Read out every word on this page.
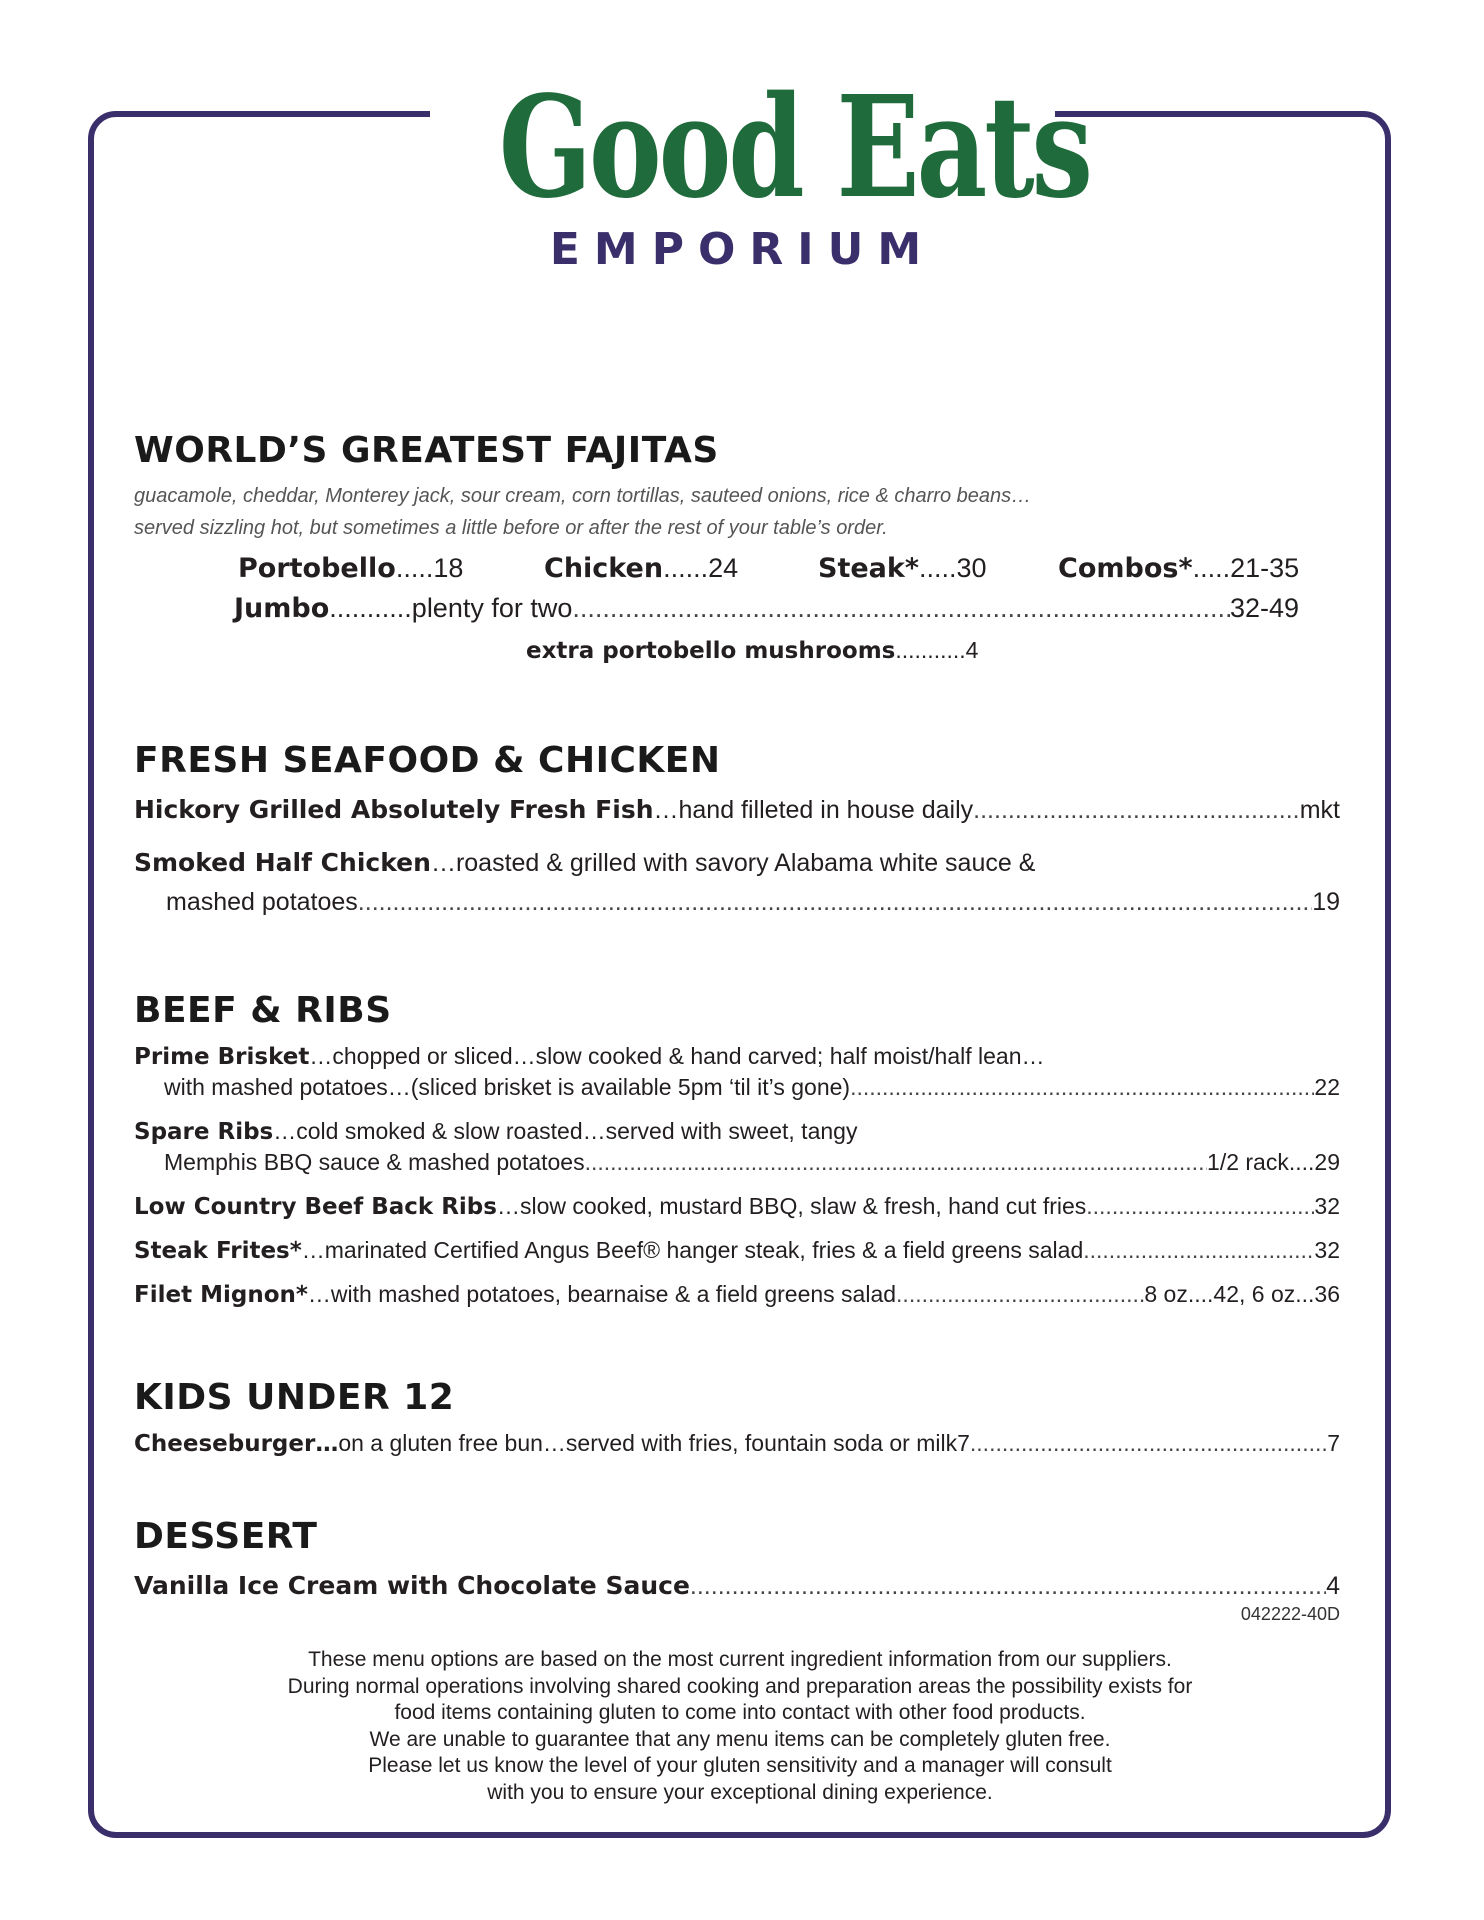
Good Eats
EMPORIUM
WORLD’S GREATEST FAJITAS
guacamole, cheddar, Monterey jack, sour cream, corn tortillas, sauteed onions, rice & charro beans…
served sizzling hot, but sometimes a little before or after the rest of your table’s order.
Portobello.....18	Chicken......24	Steak*.....30	Combos*.....21-35
Jumbo ...........plenty for two .....	32-49
extra portobello mushrooms...........4
FRESH SEAFOOD & CHICKEN
Hickory Grilled Absolutely Fresh Fish …hand filleted in house daily .....	mkt
Smoked Half Chicken…roasted & grilled with savory Alabama white sauce &
mashed potatoes .....	19
BEEF & RIBS
Prime Brisket…chopped or sliced…slow cooked & hand carved; half moist/half lean…
with mashed potatoes…(sliced brisket is available 5pm ‘til it’s gone) .....	22
Spare Ribs…cold smoked & slow roasted…served with sweet, tangy
Memphis BBQ sauce & mashed potatoes .....	1/2 rack....29
Low Country Beef Back Ribs …slow cooked, mustard BBQ, slaw & fresh, hand cut fries .....	32
Steak Frites* …marinated Certified Angus Beef® hanger steak, fries & a field greens salad .....	32
Filet Mignon* …with mashed potatoes, bearnaise & a field greens salad .....	8 oz....42, 6 oz...36
KIDS UNDER 12
Cheeseburger… on a gluten free bun…served with fries, fountain soda or milk7 .....	7
DESSERT
Vanilla Ice Cream with Chocolate Sauce .....	4
042222-40D
These menu options are based on the most current ingredient information from our suppliers.
During normal operations involving shared cooking and preparation areas the possibility exists for
food items containing gluten to come into contact with other food products.
We are unable to guarantee that any menu items can be completely gluten free.
Please let us know the level of your gluten sensitivity and a manager will consult
with you to ensure your exceptional dining experience.
